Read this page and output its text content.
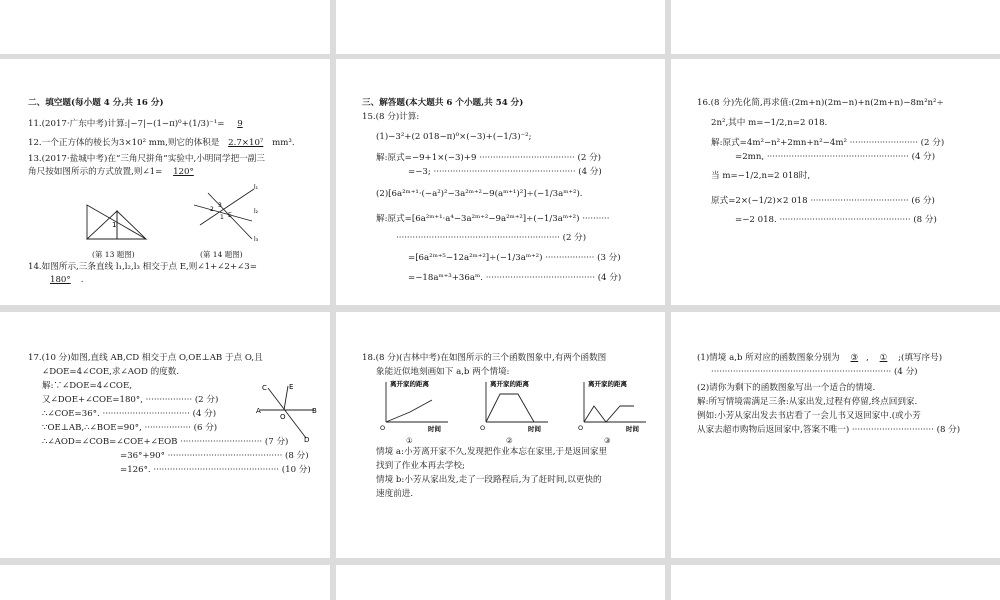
二、填空题(每小题 4 分,共 16 分)
11.(2017·广东中考)计算:|−7|−(1−π)⁰+(1/3)⁻¹= 9
12.一个正方体的棱长为3×10² mm,则它的体积是 2.7×10⁷ mm³.
13.(2017·盐城中考)在“三角尺拼角”实验中,小明同学把一副三
角尺按如图所示的方式放置,则∠1= 120°
1
(第 13 题图)
l₁
l₂
l₃
2
3
1 E
(第 14 题图)
14.如图所示,三条直线 l₁,l₂,l₃ 相交于点 E,则∠1+∠2+∠3=
180° .
三、解答题(本大题共 6 个小题,共 54 分)
15.(8 分)计算:
(1)−3²+(2 018−π)⁰×(−3)+(−1/3)⁻²;
解:原式=−9+1×(−3)+9 ··································· (2 分)
=−3; ···················································· (4 分)
(2)[6a²ᵐ⁺¹·(−a²)²−3a²ᵐ⁺²−9(aᵐ⁺¹)²]÷(−1/3aᵐ⁺²).
解:原式=[6a²ᵐ⁺¹·a⁴−3a²ᵐ⁺²−9a²ᵐ⁺²]÷(−1/3aᵐ⁺²) ··········
···························································· (2 分)
=[6a²ᵐ⁺⁵−12a²ᵐ⁺²]÷(−1/3aᵐ⁺²) ·················· (3 分)
=−18aᵐ⁺³+36aᵐ. ········································ (4 分)
16.(8 分)先化简,再求值:(2m+n)(2m−n)+n(2m+n)−8m²n²÷
2n²,其中 m=−1/2,n=2 018.
解:原式=4m²−n²+2mn+n²−4m² ························· (2 分)
=2mn, ···················································· (4 分)
当 m=−1/2,n=2 018时,
原式=2×(−1/2)×2 018 ···································· (6 分)
=−2 018. ················································ (8 分)
17.(10 分)如图,直线 AB,CD 相交于点 O,OE⊥AB 于点 O,且
∠DOE=4∠COE,求∠AOD 的度数.
解:∵∠DOE=4∠COE,
又∠DOE+∠COE=180°, ················· (2 分)
∴∠COE=36°. ································ (4 分)
∵OE⊥AB,∴∠BOE=90°, ················· (6 分)
∴∠AOD=∠COB=∠COE+∠EOB ······························ (7 分)
=36°+90° ·········································· (8 分)
=126°. ·············································· (10 分)
C	E
A
O
B
D
18.(8 分)(吉林中考)在如图所示的三个函数图象中,有两个函数图
象能近似地刻画如下 a,b 两个情境:
离开家的距离
时间
O
①
离开家的距离
时间
O
②
离开家的距离
时间
O
③
情境 a:小芳离开家不久,发现把作业本忘在家里,于是返回家里
找到了作业本再去学校;
情境 b:小芳从家出发,走了一段路程后,为了赶时间,以更快的
速度前进.
(1)情境 a,b 所对应的函数图象分别为 ③ , ① ;(填写序号)
·································································· (4 分)
(2)请你为剩下的函数图象写出一个适合的情境.
解:所写情境需满足三条:从家出发,过程有停留,终点回到家.
例如:小芳从家出发去书店看了一会儿书又返回家中.(或小芳
从家去超市购物后返回家中,答案不唯一) ······························ (8 分)
